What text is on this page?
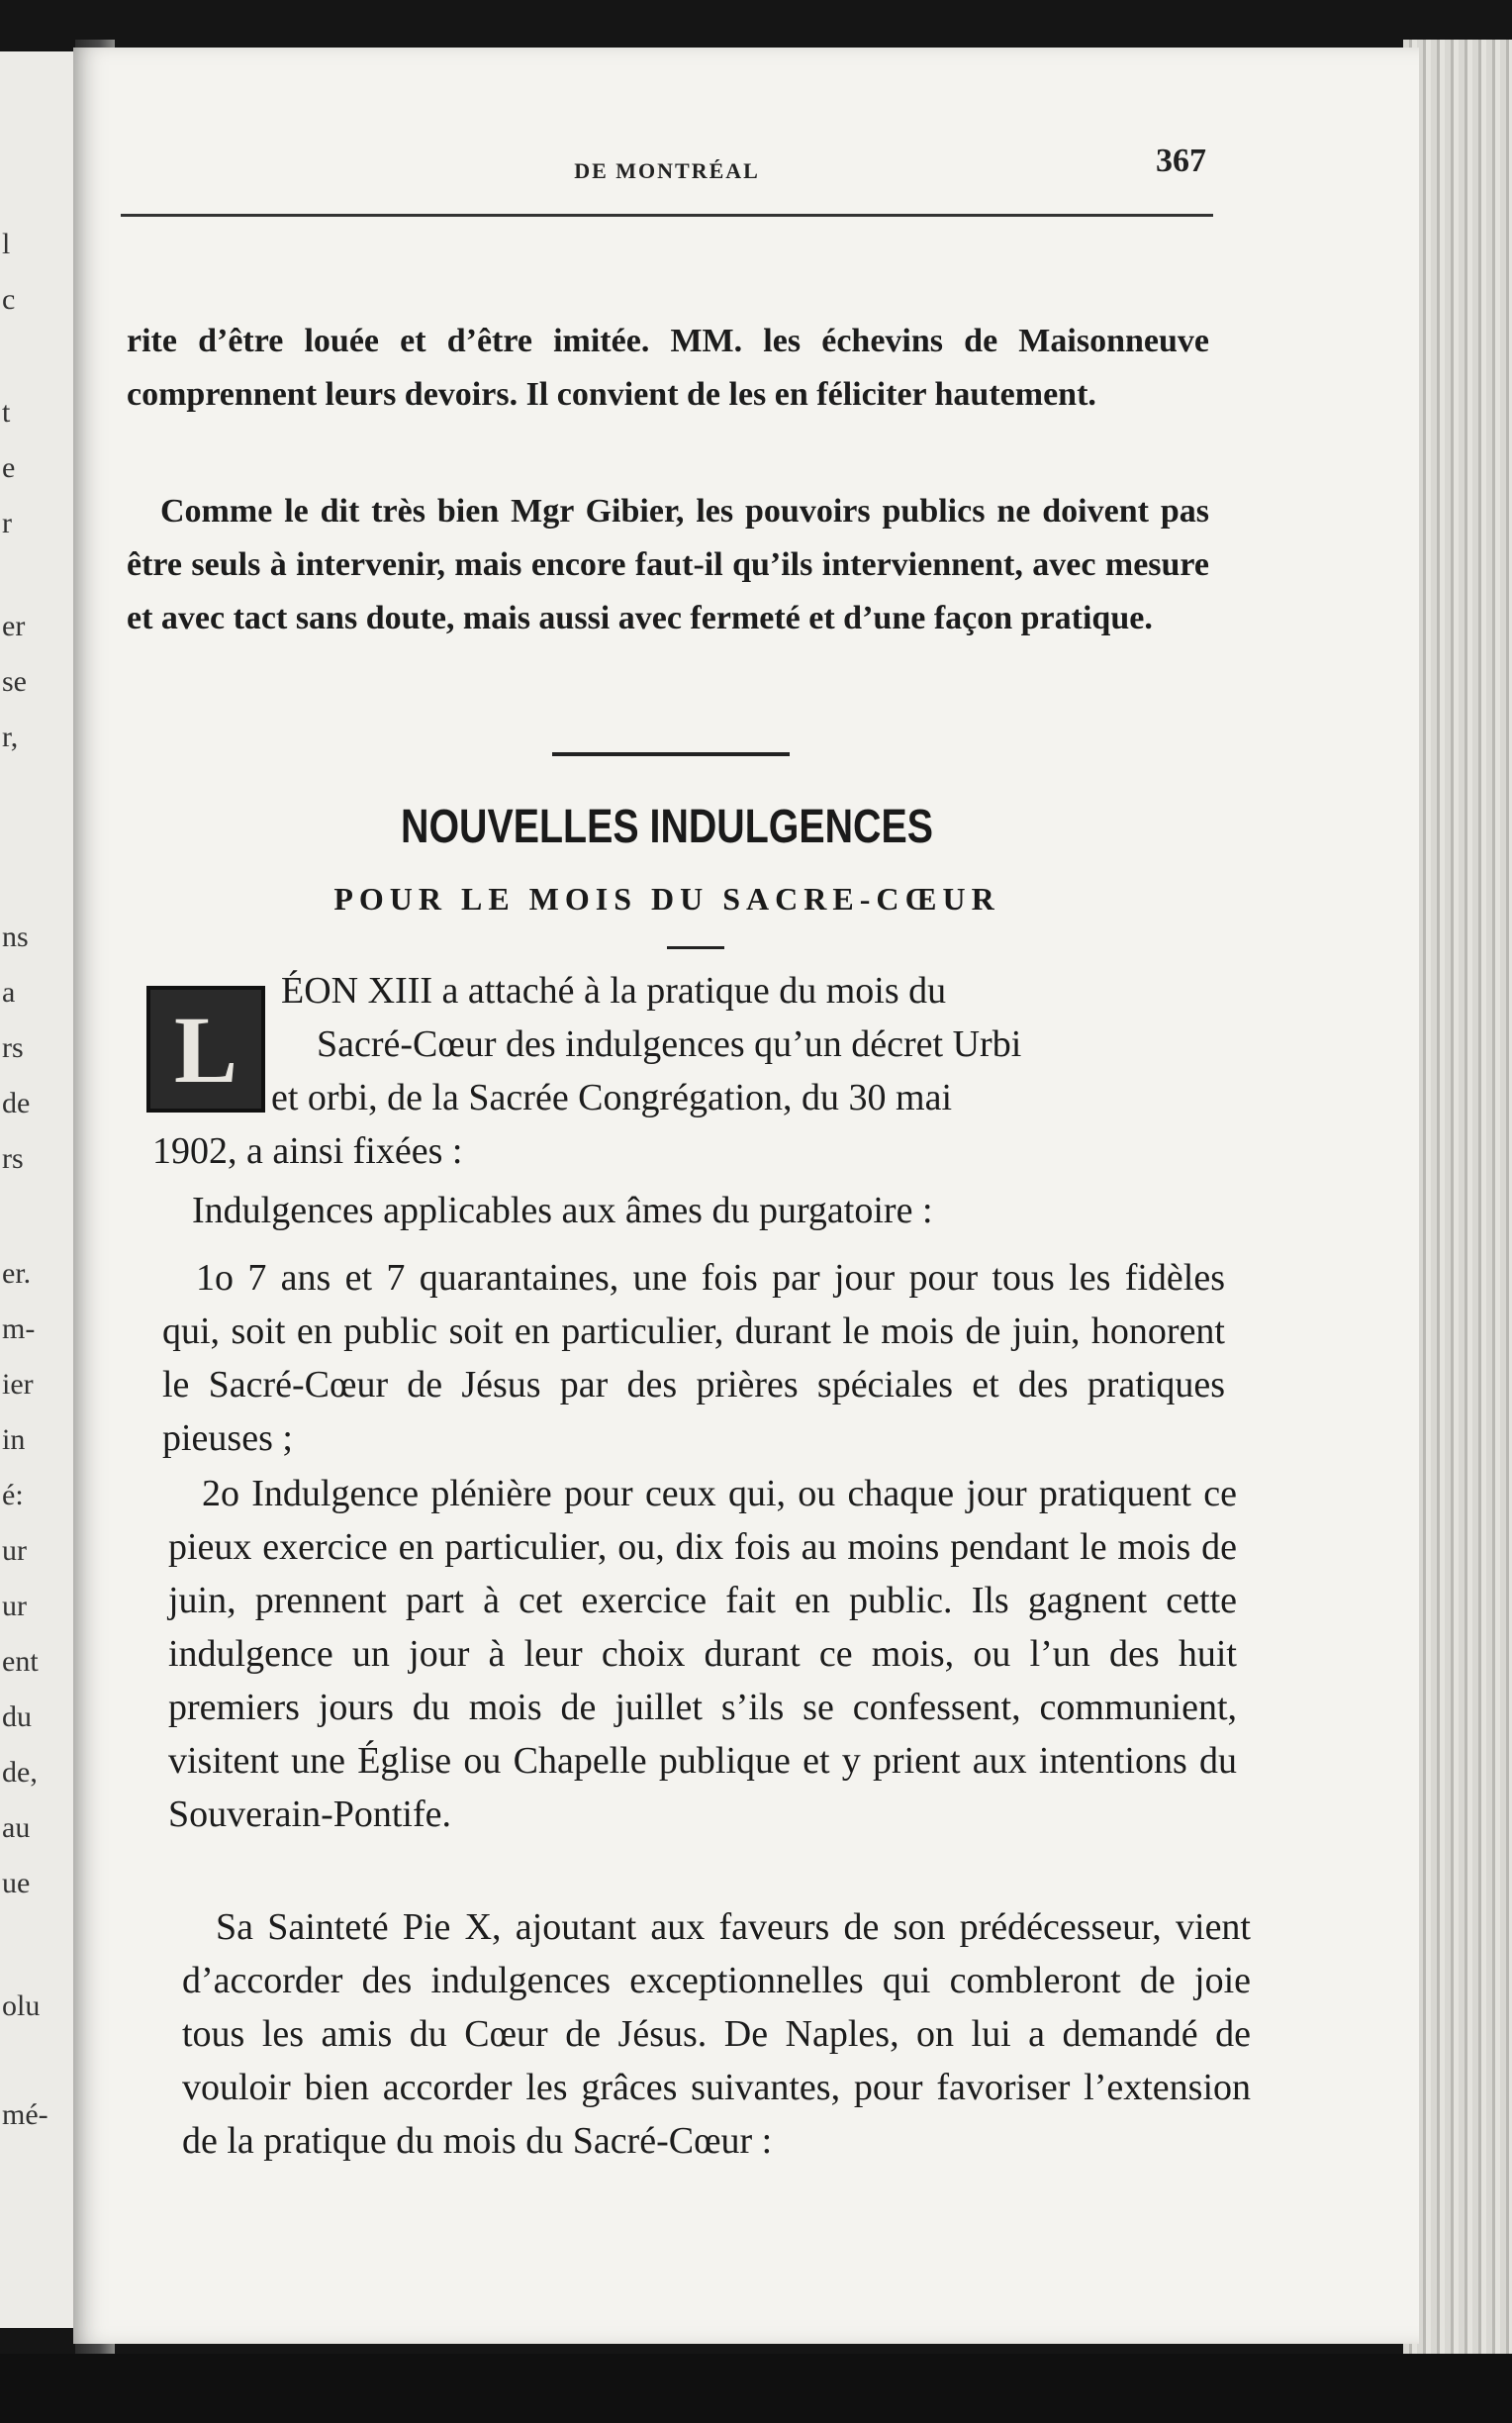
l
c
t
e
r
er
se
r,
ns
a
rs
de
rs
er.
m-
ier
in
é:
ur
ur
ent
du
de,
au
ue
olu
mé-
DE MONTRÉAL	367

rite d’être louée et d’être imitée. MM. les échevins de Maisonneuve comprennent leurs devoirs. Il convient de les en féliciter hautement.

Comme le dit très bien Mgr Gibier, les pouvoirs publics ne doivent pas être seuls à intervenir, mais encore faut-il qu’ils interviennent, avec mesure et avec tact sans doute, mais aussi avec fermeté et d’une façon pratique.

NOUVELLES INDULGENCES
POUR LE MOIS DU SACRE-CŒUR
L

ÉON XIII a attaché à la pratique du mois du

Sacré-Cœur des indulgences qu’un décret Urbi

et orbi, de la Sacrée Congrégation, du 30 mai

1902, a ainsi fixées :

Indulgences applicables aux âmes du purgatoire :

1o 7 ans et 7 quarantaines, une fois par jour pour tous les fidèles qui, soit en public soit en particulier, durant le mois de juin, honorent le Sacré-Cœur de Jésus par des prières spéciales et des pratiques pieuses ;

2o Indulgence plénière pour ceux qui, ou chaque jour pratiquent ce pieux exercice en particulier, ou, dix fois au moins pendant le mois de juin, prennent part à cet exercice fait en public. Ils gagnent cette indulgence un jour à leur choix durant ce mois, ou l’un des huit premiers jours du mois de juillet s’ils se confessent, communient, visitent une Église ou Chapelle publique et y prient aux intentions du Souverain-Pontife.

Sa Sainteté Pie X, ajoutant aux faveurs de son prédécesseur, vient d’accorder des indulgences exceptionnelles qui combleront de joie tous les amis du Cœur de Jésus. De Naples, on lui a demandé de vouloir bien accorder les grâces suivantes, pour favoriser l’extension de la pratique du mois du Sacré-Cœur :
